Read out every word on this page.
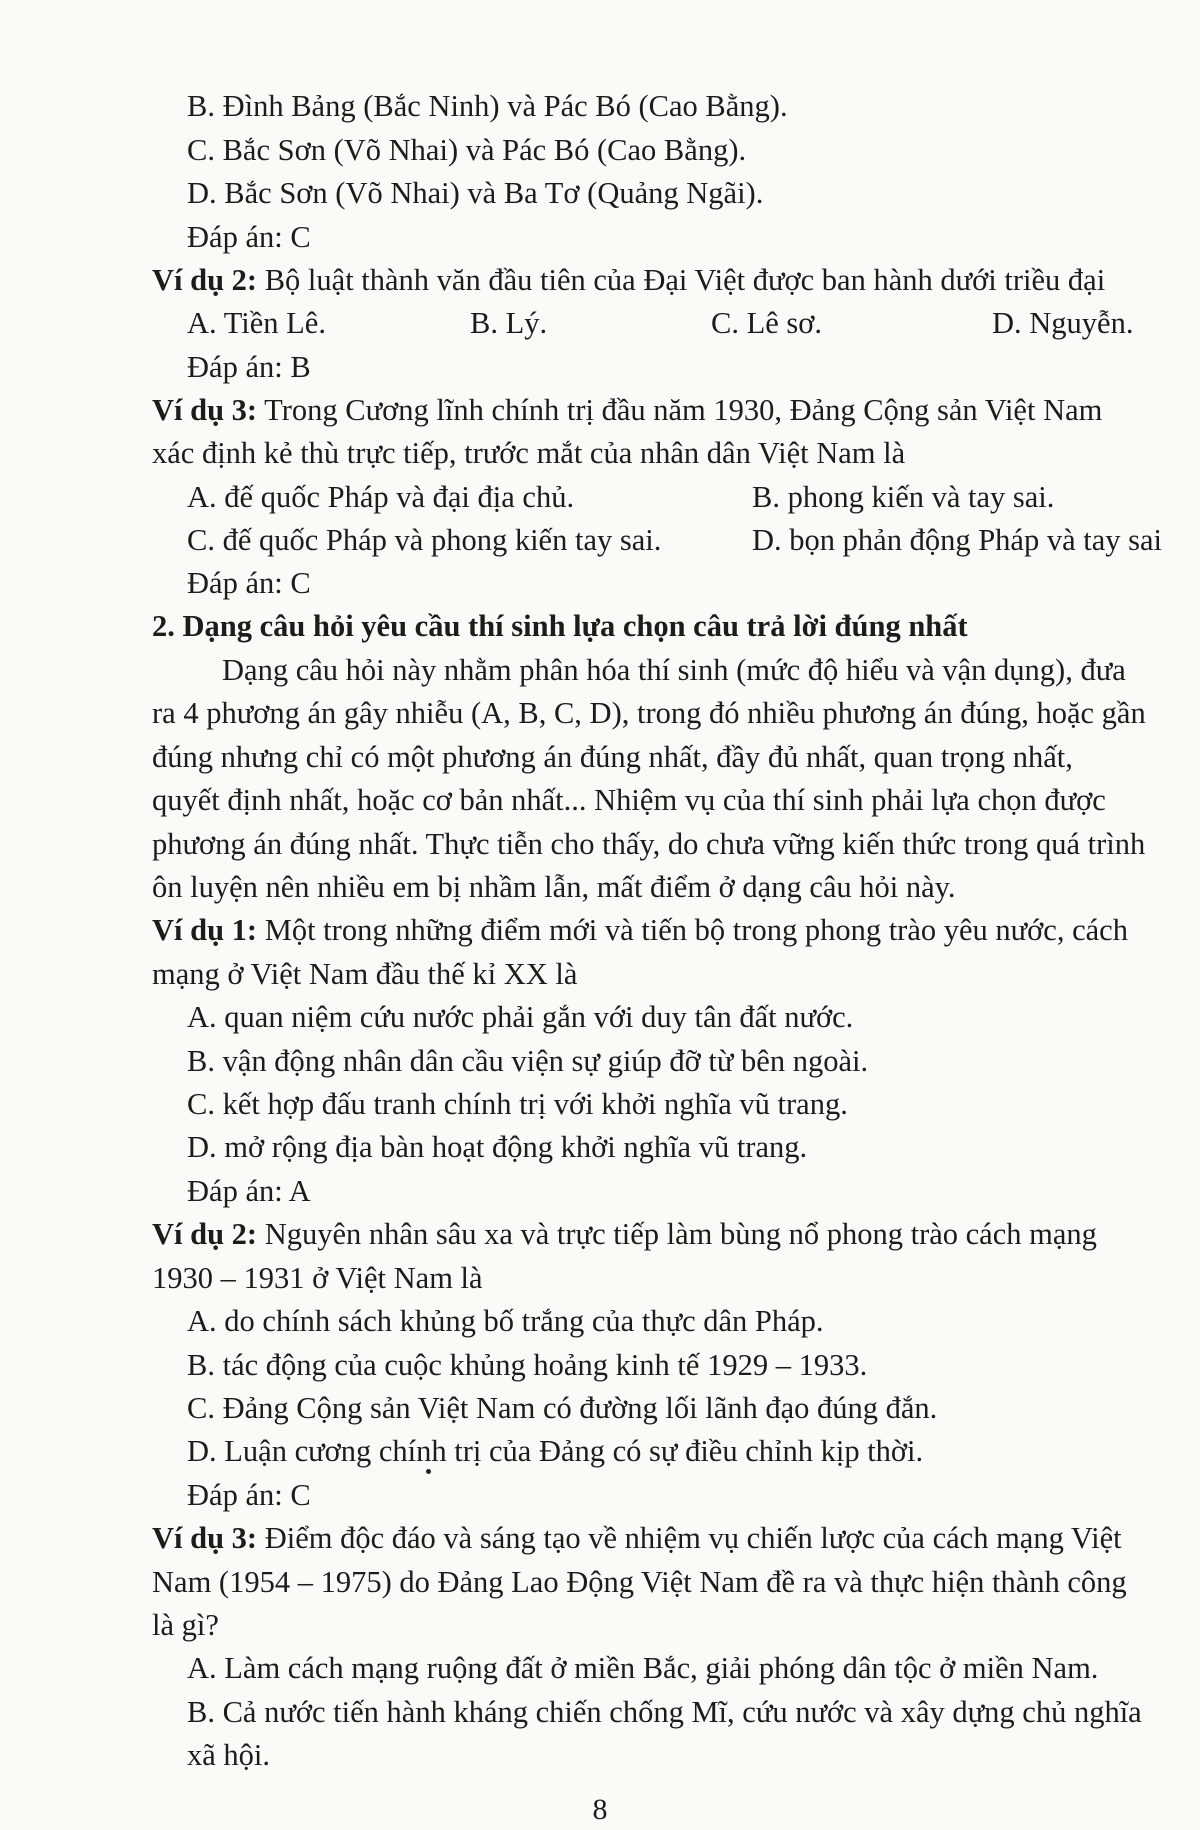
B. Đình Bảng (Bắc Ninh) và Pác Bó (Cao Bằng).
C. Bắc Sơn (Võ Nhai) và Pác Bó (Cao Bằng).
D. Bắc Sơn (Võ Nhai) và Ba Tơ (Quảng Ngãi).
Đáp án: C
Ví dụ 2: Bộ luật thành văn đầu tiên của Đại Việt được ban hành dưới triều đại
A. Tiền Lê.	B. Lý.	C. Lê sơ.	D. Nguyễn.
Đáp án: B
Ví dụ 3: Trong Cương lĩnh chính trị đầu năm 1930, Đảng Cộng sản Việt Nam
xác định kẻ thù trực tiếp, trước mắt của nhân dân Việt Nam là
A. đế quốc Pháp và đại địa chủ.	B. phong kiến và tay sai.
C. đế quốc Pháp và phong kiến tay sai.	D. bọn phản động Pháp và tay sai
Đáp án: C
2. Dạng câu hỏi yêu cầu thí sinh lựa chọn câu trả lời đúng nhất
Dạng câu hỏi này nhằm phân hóa thí sinh (mức độ hiểu và vận dụng), đưa
ra 4 phương án gây nhiễu (A, B, C, D), trong đó nhiều phương án đúng, hoặc gần
đúng nhưng chỉ có một phương án đúng nhất, đầy đủ nhất, quan trọng nhất,
quyết định nhất, hoặc cơ bản nhất... Nhiệm vụ của thí sinh phải lựa chọn được
phương án đúng nhất. Thực tiễn cho thấy, do chưa vững kiến thức trong quá trình
ôn luyện nên nhiều em bị nhầm lẫn, mất điểm ở dạng câu hỏi này.
Ví dụ 1: Một trong những điểm mới và tiến bộ trong phong trào yêu nước, cách
mạng ở Việt Nam đầu thế kỉ XX là
A. quan niệm cứu nước phải gắn với duy tân đất nước.
B. vận động nhân dân cầu viện sự giúp đỡ từ bên ngoài.
C. kết hợp đấu tranh chính trị với khởi nghĩa vũ trang.
D. mở rộng địa bàn hoạt động khởi nghĩa vũ trang.
Đáp án: A
Ví dụ 2: Nguyên nhân sâu xa và trực tiếp làm bùng nổ phong trào cách mạng
1930 – 1931 ở Việt Nam là
A. do chính sách khủng bố trắng của thực dân Pháp.
B. tác động của cuộc khủng hoảng kinh tế 1929 – 1933.
C. Đảng Cộng sản Việt Nam có đường lối lãnh đạo đúng đắn.
D. Luận cương chính trị của Đảng có sự điều chỉnh kịp thời.
Đáp án: C
Ví dụ 3: Điểm độc đáo và sáng tạo về nhiệm vụ chiến lược của cách mạng Việt
Nam (1954 – 1975) do Đảng Lao Động Việt Nam đề ra và thực hiện thành công
là gì?
A. Làm cách mạng ruộng đất ở miền Bắc, giải phóng dân tộc ở miền Nam.
B. Cả nước tiến hành kháng chiến chống Mĩ, cứu nước và xây dựng chủ nghĩa
xã hội.
8
